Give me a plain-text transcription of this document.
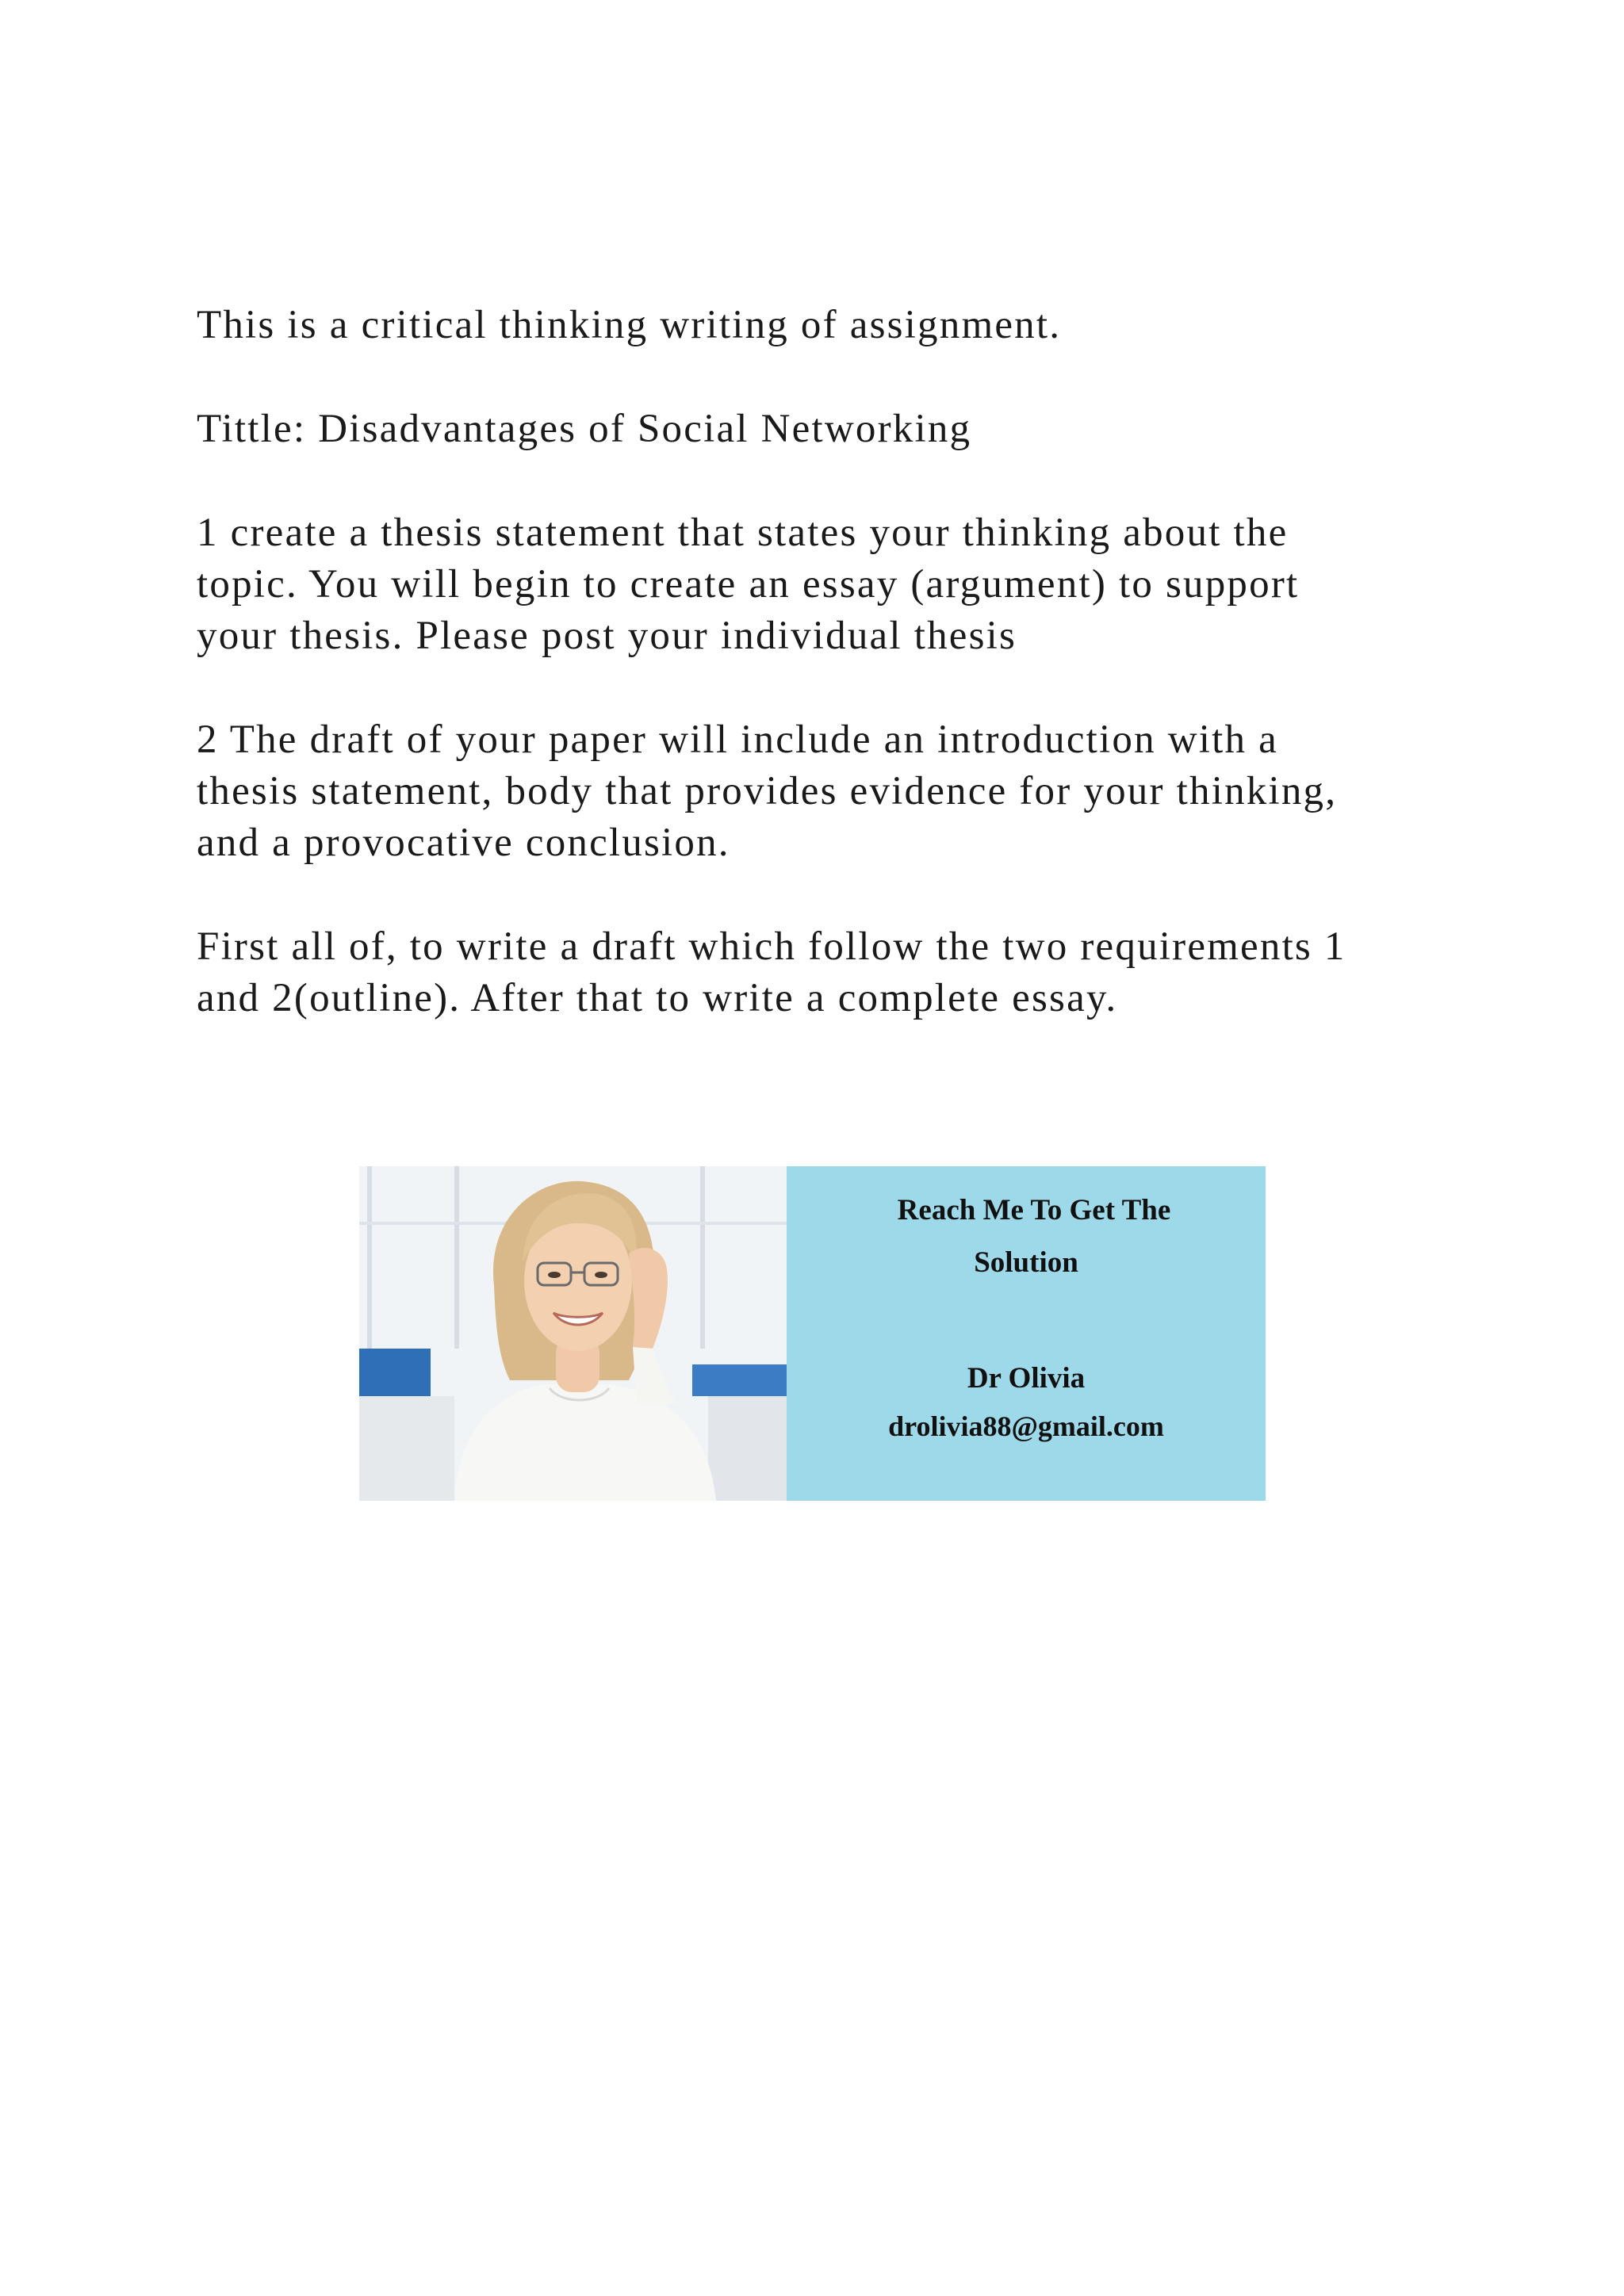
This is a critical thinking writing of assignment.
Tittle: Disadvantages of Social Networking
1 create a thesis statement that states your thinking about the
topic. You will begin to create an essay (argument) to support
your thesis. Please post your individual thesis
2 The draft of your paper will include an introduction with a
thesis statement, body that provides evidence for your thinking,
and a provocative conclusion.
First all of, to write a draft which follow the two requirements 1
and 2(outline). After that to write a complete essay.

Reach Me To Get The

Solution

Dr Olivia

drolivia88@gmail.com
